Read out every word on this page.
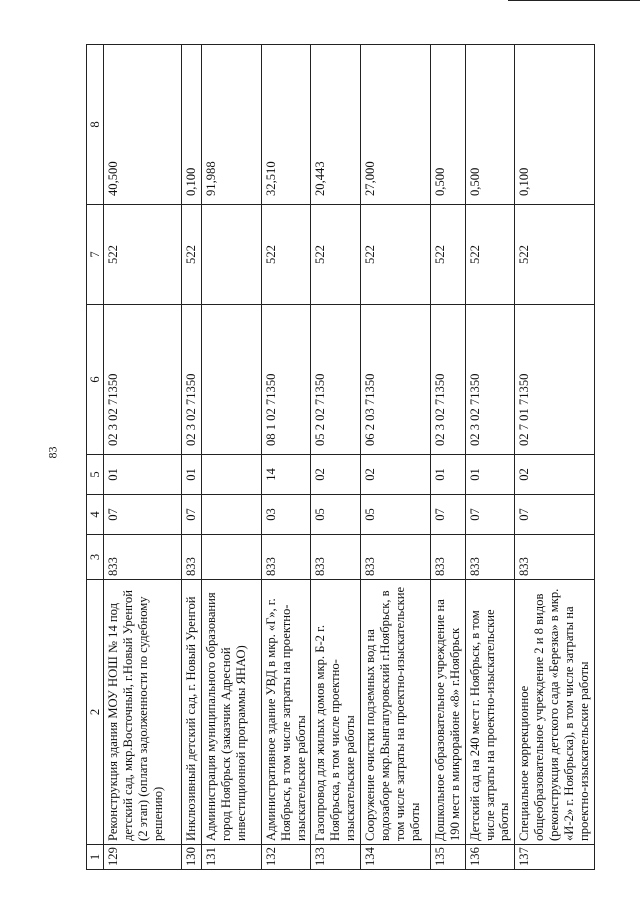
83
1	2	3	4	5	6	7	8
129	Реконструкция здания МОУ НОШ № 14 под детский сад, мкр.Восточный, г.Новый Уренгой (2 этап) (оплата задолженности по судебному решению)	833	07	01	02 3 02 71350	522	40,500
130	Инклюзивный детский сад, г. Новый Уренгой	833	07	01	02 3 02 71350	522	0,100
131	Администрация муниципального образования город Ноябрьск (заказчик Адресной инвестиционной программы ЯНАО)						91,988
132	Административное здание УВД в мкр. «Г», г. Ноябрьск, в том числе затраты на проектно-изыскательские работы	833	03	14	08 1 02 71350	522	32,510
133	Газопровод для жилых домов мкр. Б-2 г. Ноябрьска, в том числе проектно-изыскательские работы	833	05	02	05 2 02 71350	522	20,443
134	Сооружение очистки подземных вод на водозаборе мкр.Вынгапуровский г.Ноябрьск, в том числе затраты на проектно-изыскательские работы	833	05	02	06 2 03 71350	522	27,000
135	Дошкольное образовательное учреждение на 190 мест в микрорайоне «8» г.Ноябрьск	833	07	01	02 3 02 71350	522	0,500
136	Детский сад на 240 мест г. Ноябрьск, в том числе затраты на проектно-изыскательские работы	833	07	01	02 3 02 71350	522	0,500
137	Специальное коррекционное общеобразовательное учреждение 2 и 8 видов (реконструкция детского сада «Березка» в мкр. «И-2» г. Ноябрьска), в том числе затраты на проектно-изыскательские работы	833	07	02	02 7 01 71350	522	0,100
